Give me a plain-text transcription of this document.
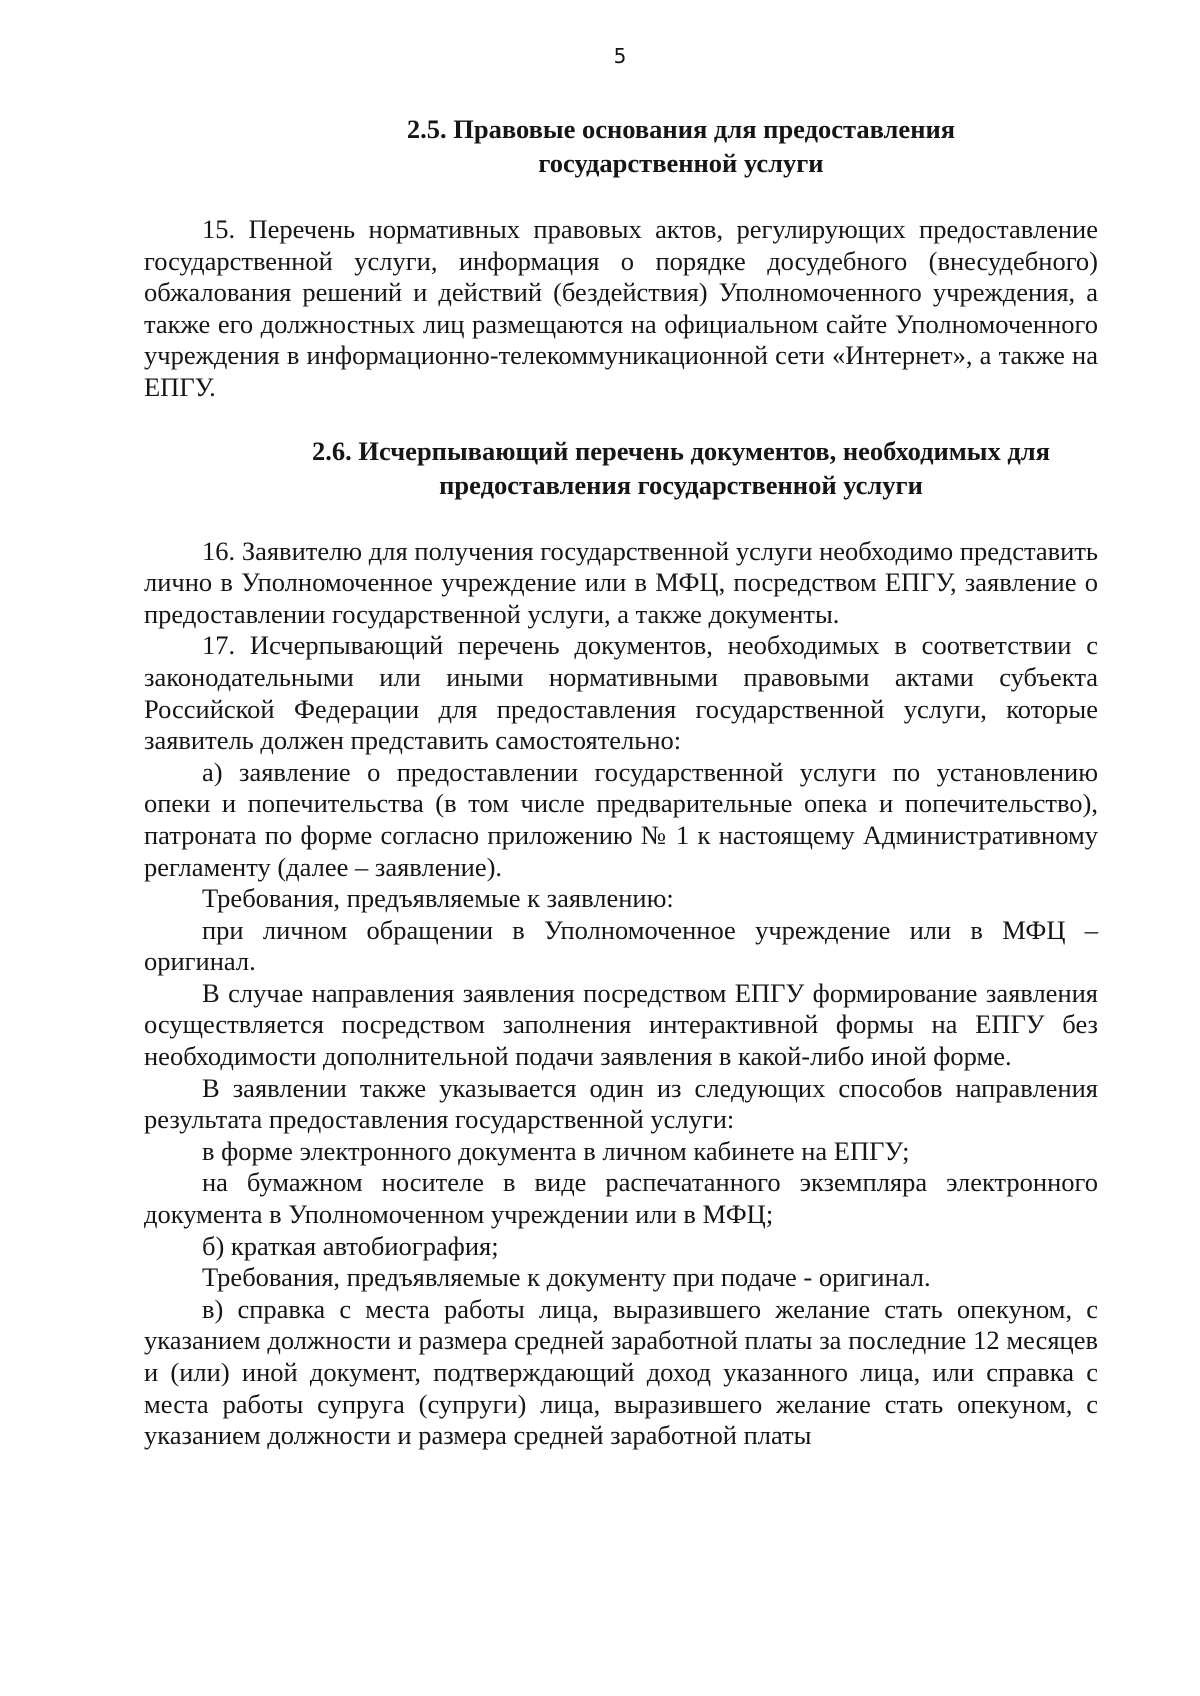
5

2.5. Правовые основания для предоставления

государственной услуги

15. Перечень нормативных правовых актов, регулирующих предоставление государственной услуги, информация о порядке досудебного (внесудебного) обжалования решений и действий (бездействия) Уполномоченного учреждения, а также его должностных лиц размещаются на официальном сайте Уполномоченного учреждения в информационно-телекоммуникационной сети «Интернет», а также на ЕПГУ.

2.6. Исчерпывающий перечень документов, необходимых для

предоставления государственной услуги

16. Заявителю для получения государственной услуги необходимо представить лично в Уполномоченное учреждение или в МФЦ, посредством ЕПГУ, заявление о предоставлении государственной услуги, а также документы.

17. Исчерпывающий перечень документов, необходимых в соответствии с законодательными или иными нормативными правовыми актами субъекта Российской Федерации для предоставления государственной услуги, которые заявитель должен представить самостоятельно:

а) заявление о предоставлении государственной услуги по установлению опеки и попечительства (в том числе предварительные опека и попечительство), патроната по форме согласно приложению № 1 к настоящему Административному регламенту (далее – заявление).

Требования, предъявляемые к заявлению:

при личном обращении в Уполномоченное учреждение или в МФЦ – оригинал.

В случае направления заявления посредством ЕПГУ формирование заявления осуществляется посредством заполнения интерактивной формы на ЕПГУ без необходимости дополнительной подачи заявления в какой-либо иной форме.

В заявлении также указывается один из следующих способов направления результата предоставления государственной услуги:

в форме электронного документа в личном кабинете на ЕПГУ;

на бумажном носителе в виде распечатанного экземпляра электронного документа в Уполномоченном учреждении или в МФЦ;

б) краткая автобиография;

Требования, предъявляемые к документу при подаче - оригинал.

в) справка с места работы лица, выразившего желание стать опекуном, с указанием должности и размера средней заработной платы за последние 12 месяцев и (или) иной документ, подтверждающий доход указанного лица, или справка с места работы супруга (супруги) лица, выразившего желание стать опекуном, с указанием должности и размера средней заработной платы
